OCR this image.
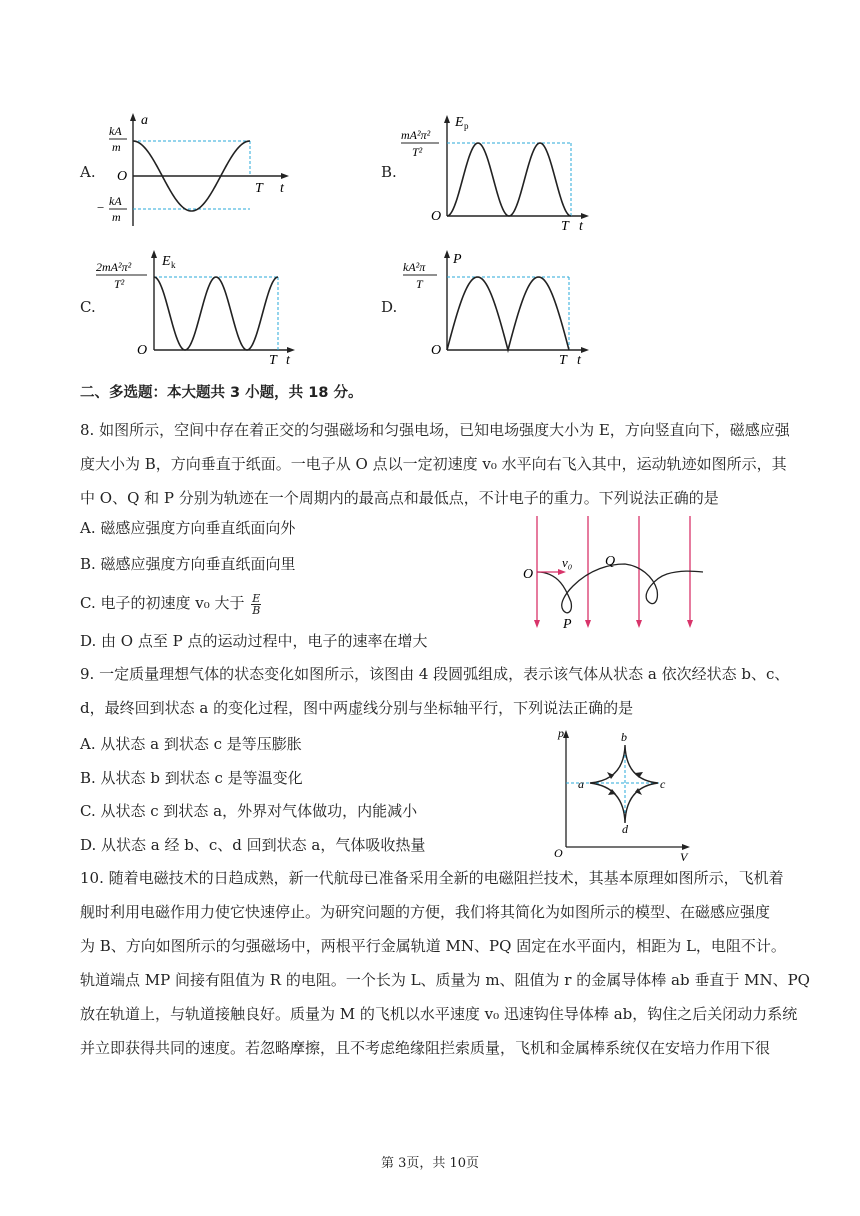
A.
a
t
T
O
kA
m
− kA
m
B.
E p
O
T t
mA²π²
T²
C.
E k
O
T t
2mA²π²
T²
D.
P
O
T t
kA²π
T
二、多选题：本大题共 3 小题，共 18 分。
8. 如图所示，空间中存在着正交的匀强磁场和匀强电场，已知电场强度大小为 E，方向竖直向下，磁感应强
度大小为 B，方向垂直于纸面。一电子从 O 点以一定初速度 v₀ 水平向右飞入其中，运动轨迹如图所示，其
中 O、Q 和 P 分别为轨迹在一个周期内的最高点和最低点，不计电子的重力。下列说法正确的是
A. 磁感应强度方向垂直纸面向外
B. 磁感应强度方向垂直纸面向里
C. 电子的初速度 v₀ 大于 $\frac{E}{B}$
D. 由 O 点至 P 点的运动过程中，电子的速率在增大
O
v₀ Q
P
9. 一定质量理想气体的状态变化如图所示，该图由 4 段圆弧组成，表示该气体从状态 a 依次经状态 b、c、
d，最终回到状态 a 的变化过程，图中两虚线分别与坐标轴平行，下列说法正确的是
A. 从状态 a 到状态 c 是等压膨胀
B. 从状态 b 到状态 c 是等温变化
C. 从状态 c 到状态 a，外界对气体做功，内能减小
D. 从状态 a 经 b、c、d 回到状态 a，气体吸收热量
p
V
O
a
b
c
d
10. 随着电磁技术的日趋成熟，新一代航母已准备采用全新的电磁阻拦技术，其基本原理如图所示，飞机着
舰时利用电磁作用力使它快速停止。为研究问题的方便，我们将其简化为如图所示的模型、在磁感应强度
为 B、方向如图所示的匀强磁场中，两根平行金属轨道 MN、PQ 固定在水平面内，相距为 L，电阻不计。
轨道端点 MP 间接有阻值为 R 的电阻。一个长为 L、质量为 m、阻值为 r 的金属导体棒 ab 垂直于 MN、PQ
放在轨道上，与轨道接触良好。质量为 M 的飞机以水平速度 v₀ 迅速钩住导体棒 ab，钩住之后关闭动力系统
并立即获得共同的速度。若忽略摩擦，且不考虑绝缘阻拦索质量，飞机和金属棒系统仅在安培力作用下很
第 3页，共 10页
